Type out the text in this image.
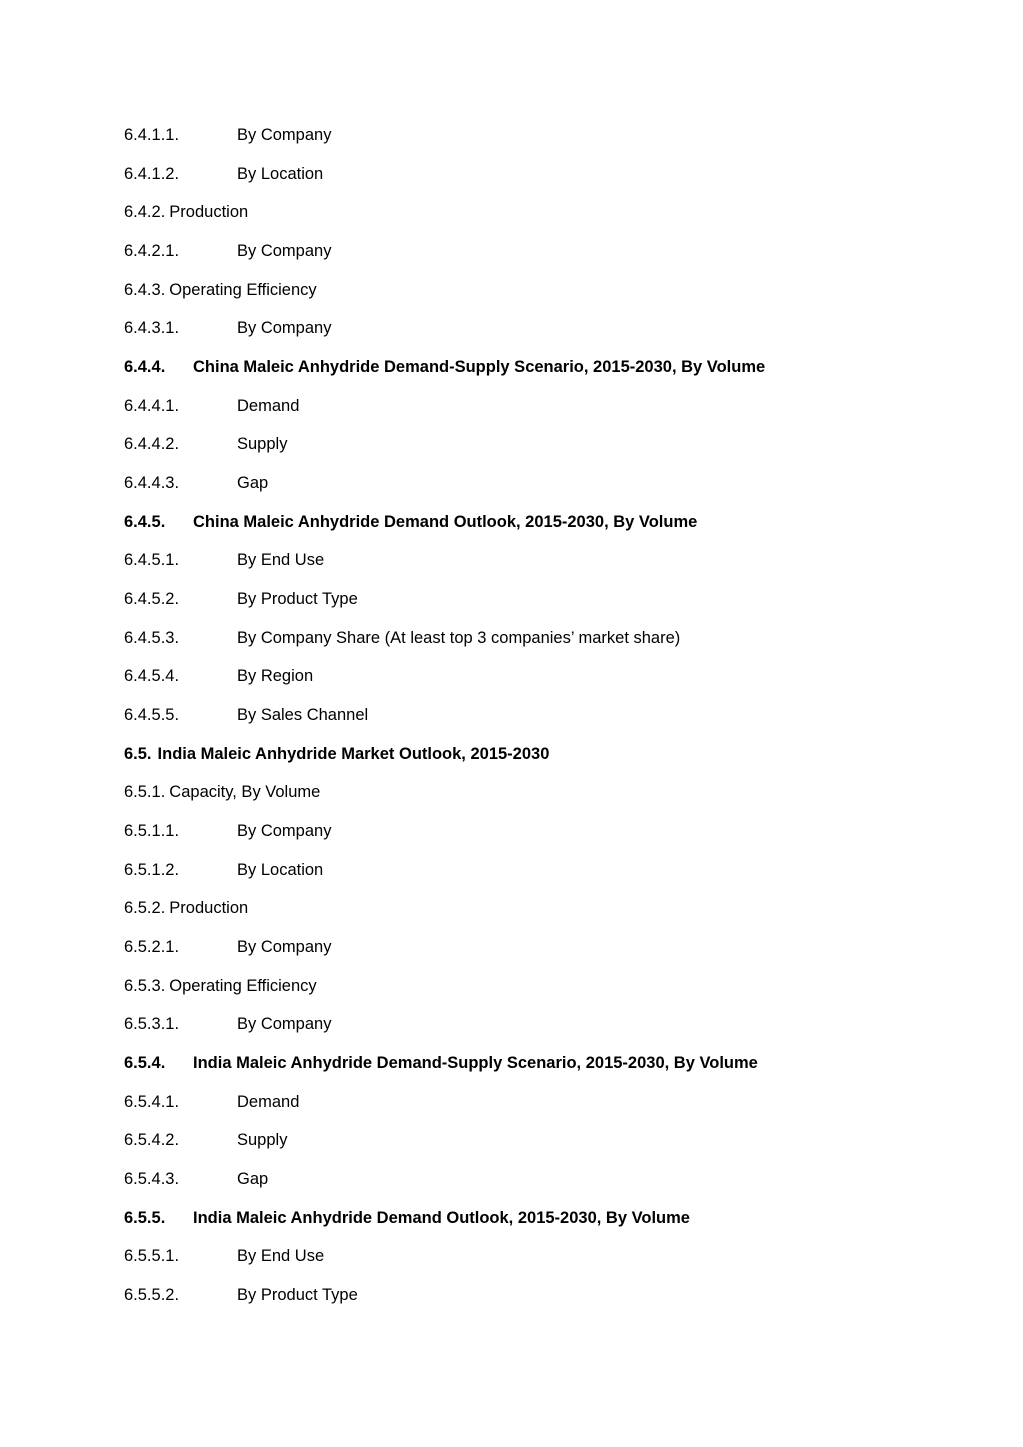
6.4.1.1.	By Company
6.4.1.2.	By Location
6.4.2. Production
6.4.2.1.	By Company
6.4.3. Operating Efficiency
6.4.3.1.	By Company
6.4.4.	China Maleic Anhydride Demand-Supply Scenario, 2015-2030, By Volume
6.4.4.1.	Demand
6.4.4.2.	Supply
6.4.4.3.	Gap
6.4.5.	China Maleic Anhydride Demand Outlook, 2015-2030, By Volume
6.4.5.1.	By End Use
6.4.5.2.	By Product Type
6.4.5.3.	By Company Share (At least top 3 companies’ market share)
6.4.5.4.	By Region
6.4.5.5.	By Sales Channel
6.5. India Maleic Anhydride Market Outlook, 2015-2030
6.5.1. Capacity, By Volume
6.5.1.1.	By Company
6.5.1.2.	By Location
6.5.2. Production
6.5.2.1.	By Company
6.5.3. Operating Efficiency
6.5.3.1.	By Company
6.5.4.	India Maleic Anhydride Demand-Supply Scenario, 2015-2030, By Volume
6.5.4.1.	Demand
6.5.4.2.	Supply
6.5.4.3.	Gap
6.5.5.	India Maleic Anhydride Demand Outlook, 2015-2030, By Volume
6.5.5.1.	By End Use
6.5.5.2.	By Product Type
